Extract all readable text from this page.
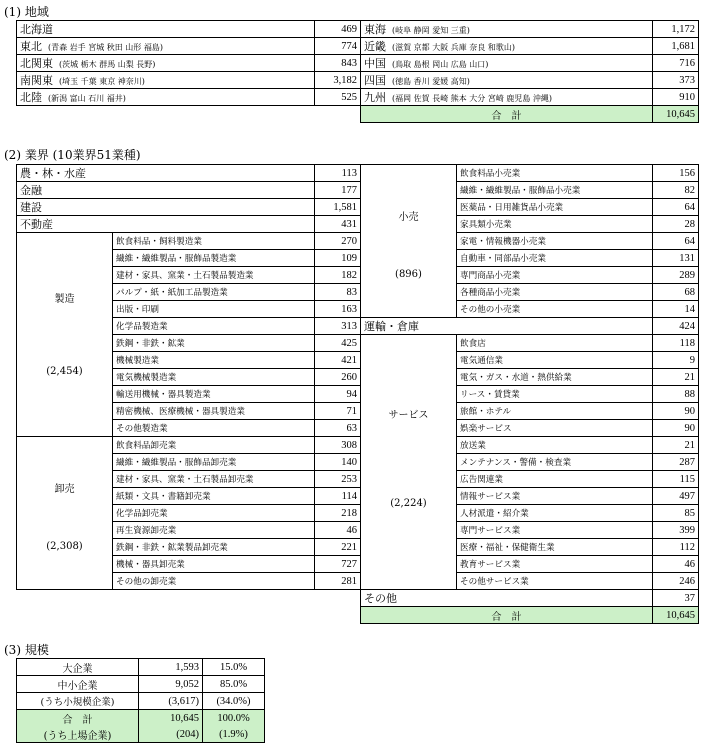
(1) 地域
北海道	469
東北 (青森 岩手 宮城 秋田 山形 福島)	774
北関東 (茨城 栃木 群馬 山梨 長野)	843
南関東 (埼玉 千葉 東京 神奈川)	3,182
北陸 (新潟 富山 石川 福井)	525
東海 (岐阜 静岡 愛知 三重)	1,172
近畿 (滋賀 京都 大阪 兵庫 奈良 和歌山)	1,681
中国 (鳥取 島根 岡山 広島 山口)	716
四国 (徳島 香川 愛媛 高知)	373
九州 (福岡 佐賀 長崎 熊本 大分 宮崎 鹿児島 沖縄)	910
合　計	10,645
(2) 業界 (10業界51業種)
農・林・水産		113
金融		177
建設		1,581
不動産		431

製造
(2,454)	飲食料品・飼料製造業	270
	繊維・繊維製品・服飾品製造業	109
	建材・家具、窯業・土石製品製造業	182
	パルプ・紙・紙加工品製造業	83
	出版・印刷	163
	化学品製造業	313
	鉄鋼・非鉄・鉱業	425
	機械製造業	421
	電気機械製造業	260
	輸送用機械・器具製造業	94
	精密機械、医療機械・器具製造業	71
	その他製造業	63

卸売
(2,308)	飲食料品卸売業	308
	繊維・繊維製品・服飾品卸売業	140
	建材・家具、窯業・土石製品卸売業	253
	紙類・文具・書籍卸売業	114
	化学品卸売業	218
	再生資源卸売業	46
	鉄鋼・非鉄・鉱業製品卸売業	221
	機械・器具卸売業	727
	その他の卸売業	281
小売
(896)	飲食料品小売業	156
	繊維・繊維製品・服飾品小売業	82
	医薬品・日用雑貨品小売業	64
	家具類小売業	28
	家電・情報機器小売業	64
	自動車・同部品小売業	131
	専門商品小売業	289
	各種商品小売業	68
	その他の小売業	14
運輸・倉庫		424

サービス
(2,224)	飲食店	118
	電気通信業	9
	電気・ガス・水道・熱供給業	21
	リース・賃貸業	88
	旅館・ホテル	90
	娯楽サービス	90
	放送業	21
	メンテナンス・警備・検査業	287
	広告関連業	115
	情報サービス業	497
	人材派遣・紹介業	85
	専門サービス業	399
	医療・福祉・保健衛生業	112
	教育サービス業	46
	その他サービス業	246
その他		37
合　計		10,645
(3) 規模
大企業	1,593	15.0%
中小企業	9,052	85.0%
(うち小規模企業)	(3,617)	(34.0%)
合　計	10,645	100.0%
(うち上場企業)	(204)	(1.9%)
